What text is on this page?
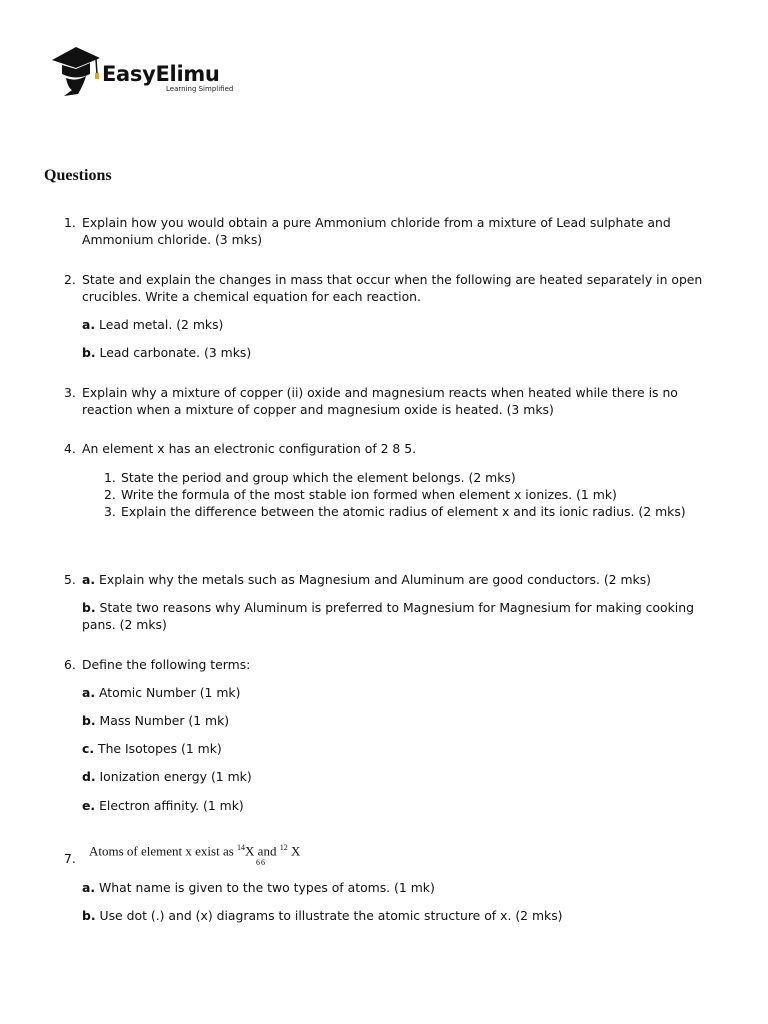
EasyElimu
Learning Simplified
Questions
1. Explain how you would obtain a pure Ammonium chloride from a mixture of Lead sulphate and Ammonium chloride. (3 mks)
2. State and explain the changes in mass that occur when the following are heated separately in open crucibles. Write a chemical equation for each reaction.
a. Lead metal. (2 mks)
b. Lead carbonate. (3 mks)
3. Explain why a mixture of copper (ii) oxide and magnesium reacts when heated while there is no reaction when a mixture of copper and magnesium oxide is heated. (3 mks)
4. An element x has an electronic configuration of 2 8 5.
1. State the period and group which the element belongs. (2 mks)
2. Write the formula of the most stable ion formed when element x ionizes. (1 mk)
3. Explain the difference between the atomic radius of element x and its ionic radius. (2 mks)
5. a. Explain why the metals such as Magnesium and Aluminum are good conductors. (2 mks)
b. State two reasons why Aluminum is preferred to Magnesium for Magnesium for making cooking pans. (2 mks)
6. Define the following terms:
a. Atomic Number (1 mk)
b. Mass Number (1 mk)
c. The Isotopes (1 mk)
d. Ionization energy (1 mk)
e. Electron affinity. (1 mk)
7.
Atoms of element x exist as $^{14}$X and $^{12}$ X
6 6
a. What name is given to the two types of atoms. (1 mk)
b. Use dot (.) and (x) diagrams to illustrate the atomic structure of x. (2 mks)
